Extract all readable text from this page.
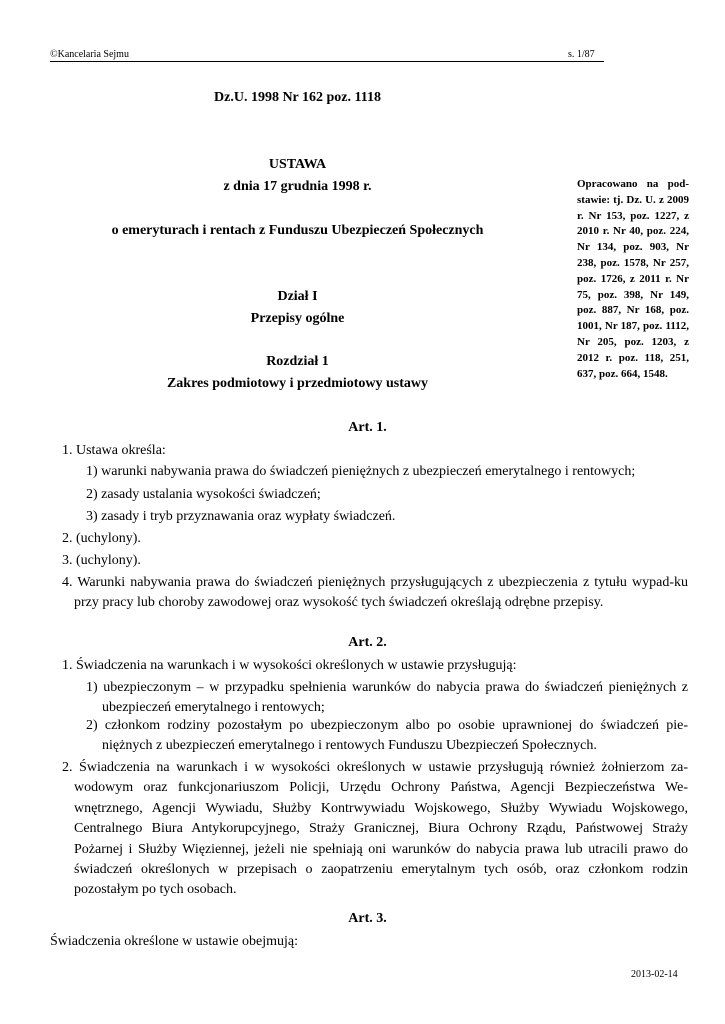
©Kancelaria Sejmu	s. 1/87
Dz.U. 1998 Nr 162 poz. 1118
USTAWA
z dnia 17 grudnia 1998 r.
o emeryturach i rentach z Funduszu Ubezpieczeń Społecznych
Dział I
Przepisy ogólne
Rozdział 1
Zakres podmiotowy i przedmiotowy ustawy
Opracowano na pod-stawie: tj. Dz. U. z 2009 r. Nr 153, poz. 1227, z 2010 r. Nr 40, poz. 224, Nr 134, poz. 903, Nr 238, poz. 1578, Nr 257, poz. 1726, z 2011 r. Nr 75, poz. 398, Nr 149, poz. 887, Nr 168, poz. 1001, Nr 187, poz. 1112, Nr 205, poz. 1203, z 2012 r. poz. 118, 251, 637, poz. 664, 1548.
Art. 1.
1. Ustawa określa:
1) warunki nabywania prawa do świadczeń pieniężnych z ubezpieczeń emerytalnego i rentowych;
2) zasady ustalania wysokości świadczeń;
3) zasady i tryb przyznawania oraz wypłaty świadczeń.
2. (uchylony).
3. (uchylony).
4. Warunki nabywania prawa do świadczeń pieniężnych przysługujących z ubezpieczenia z tytułu wypad-ku przy pracy lub choroby zawodowej oraz wysokość tych świadczeń określają odrębne przepisy.
Art. 2.
1. Świadczenia na warunkach i w wysokości określonych w ustawie przysługują:
1) ubezpieczonym – w przypadku spełnienia warunków do nabycia prawa do świadczeń pieniężnych z ubezpieczeń emerytalnego i rentowych;
2) członkom rodziny pozostałym po ubezpieczonym albo po osobie uprawnionej do świadczeń pie-niężnych z ubezpieczeń emerytalnego i rentowych Funduszu Ubezpieczeń Społecznych.
2. Świadczenia na warunkach i w wysokości określonych w ustawie przysługują również żołnierzom za-wodowym oraz funkcjonariuszom Policji, Urzędu Ochrony Państwa, Agencji Bezpieczeństwa We-wnętrznego, Agencji Wywiadu, Służby Kontrwywiadu Wojskowego, Służby Wywiadu Wojskowego, Centralnego Biura Antykorupcyjnego, Straży Granicznej, Biura Ochrony Rządu, Państwowej Straży Pożarnej i Służby Więziennej, jeżeli nie spełniają oni warunków do nabycia prawa lub utracili prawo do świadczeń określonych w przepisach o zaopatrzeniu emerytalnym tych osób, oraz członkom rodzin pozostałym po tych osobach.
Art. 3.
Świadczenia określone w ustawie obejmują:
2013-02-14
